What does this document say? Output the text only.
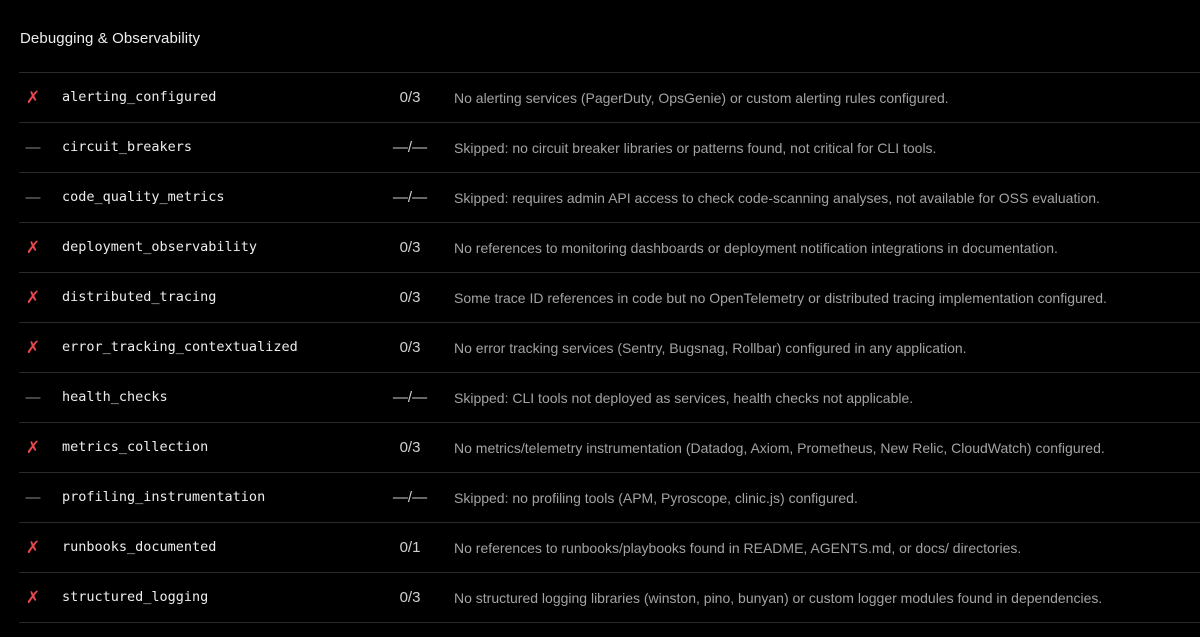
Debugging & Observability
✗	alerting_configured	0/3	No alerting services (PagerDuty, OpsGenie) or custom alerting rules configured.
—	circuit_breakers	—/—	Skipped: no circuit breaker libraries or patterns found, not critical for CLI tools.
—	code_quality_metrics	—/—	Skipped: requires admin API access to check code-scanning analyses, not available for OSS evaluation.
✗	deployment_observability	0/3	No references to monitoring dashboards or deployment notification integrations in documentation.
✗	distributed_tracing	0/3	Some trace ID references in code but no OpenTelemetry or distributed tracing implementation configured.
✗	error_tracking_contextualized	0/3	No error tracking services (Sentry, Bugsnag, Rollbar) configured in any application.
—	health_checks	—/—	Skipped: CLI tools not deployed as services, health checks not applicable.
✗	metrics_collection	0/3	No metrics/telemetry instrumentation (Datadog, Axiom, Prometheus, New Relic, CloudWatch) configured.
—	profiling_instrumentation	—/—	Skipped: no profiling tools (APM, Pyroscope, clinic.js) configured.
✗	runbooks_documented	0/1	No references to runbooks/playbooks found in README, AGENTS.md, or docs/ directories.
✗	structured_logging	0/3	No structured logging libraries (winston, pino, bunyan) or custom logger modules found in dependencies.
